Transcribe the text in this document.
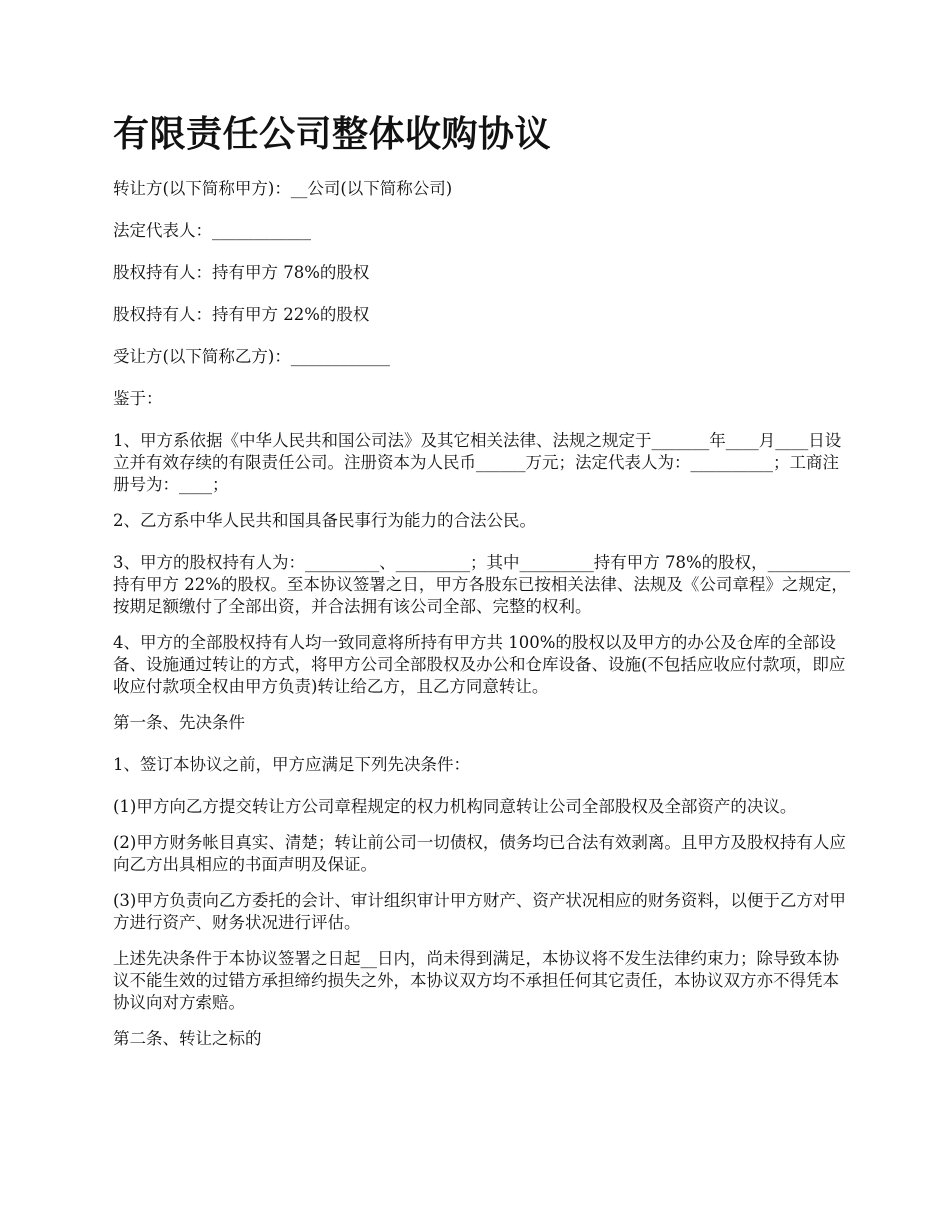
有限责任公司整体收购协议

转让方(以下简称甲方)：__公司(以下简称公司)

法定代表人：____________

股权持有人：持有甲方 78%的股权

股权持有人：持有甲方 22%的股权

受让方(以下简称乙方)：____________

鉴于：

1、甲方系依据《中华人民共和国公司法》及其它相关法律、法规之规定于_______年____月____日设立并有效存续的有限责任公司。注册资本为人民币______万元；法定代表人为：__________；工商注册号为：____；

2、乙方系中华人民共和国具备民事行为能力的合法公民。

3、甲方的股权持有人为：_________、_________；其中_________持有甲方 78%的股权，__________持有甲方 22%的股权。至本协议签署之日，甲方各股东已按相关法律、法规及《公司章程》之规定，按期足额缴付了全部出资，并合法拥有该公司全部、完整的权利。

4、甲方的全部股权持有人均一致同意将所持有甲方共 100%的股权以及甲方的办公及仓库的全部设备、设施通过转让的方式，将甲方公司全部股权及办公和仓库设备、设施(不包括应收应付款项，即应收应付款项全权由甲方负责)转让给乙方，且乙方同意转让。

第一条、先决条件

1、签订本协议之前，甲方应满足下列先决条件：

(1)甲方向乙方提交转让方公司章程规定的权力机构同意转让公司全部股权及全部资产的决议。

(2)甲方财务帐目真实、清楚；转让前公司一切债权，债务均已合法有效剥离。且甲方及股权持有人应向乙方出具相应的书面声明及保证。

(3)甲方负责向乙方委托的会计、审计组织审计甲方财产、资产状况相应的财务资料，以便于乙方对甲方进行资产、财务状况进行评估。

上述先决条件于本协议签署之日起__日内，尚未得到满足，本协议将不发生法律约束力；除导致本协议不能生效的过错方承担缔约损失之外，本协议双方均不承担任何其它责任，本协议双方亦不得凭本协议向对方索赔。

第二条、转让之标的
